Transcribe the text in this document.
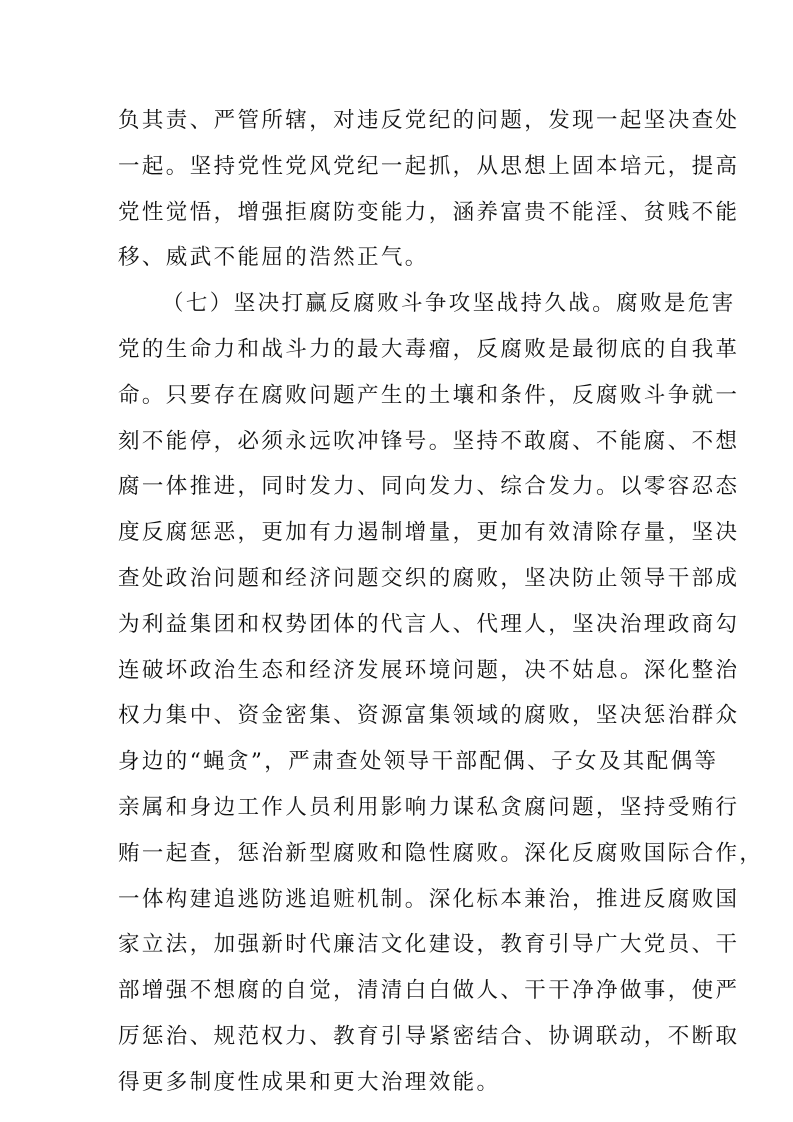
负其责、严管所辖，对违反党纪的问题，发现一起坚决查处
一起。坚持党性党风党纪一起抓，从思想上固本培元，提高
党性觉悟，增强拒腐防变能力，涵养富贵不能淫、贫贱不能
移、威武不能屈的浩然正气。
（七）坚决打赢反腐败斗争攻坚战持久战。腐败是危害
党的生命力和战斗力的最大毒瘤，反腐败是最彻底的自我革
命。只要存在腐败问题产生的土壤和条件，反腐败斗争就一
刻不能停，必须永远吹冲锋号。坚持不敢腐、不能腐、不想
腐一体推进，同时发力、同向发力、综合发力。以零容忍态
度反腐惩恶，更加有力遏制增量，更加有效清除存量，坚决
查处政治问题和经济问题交织的腐败，坚决防止领导干部成
为利益集团和权势团体的代言人、代理人，坚决治理政商勾
连破坏政治生态和经济发展环境问题，决不姑息。深化整治
权力集中、资金密集、资源富集领域的腐败，坚决惩治群众
身边的“蝇贪”，严肃查处领导干部配偶、子女及其配偶等
亲属和身边工作人员利用影响力谋私贪腐问题，坚持受贿行
贿一起查，惩治新型腐败和隐性腐败。深化反腐败国际合作，
一体构建追逃防逃追赃机制。深化标本兼治，推进反腐败国
家立法，加强新时代廉洁文化建设，教育引导广大党员、干
部增强不想腐的自觉，清清白白做人、干干净净做事，使严
厉惩治、规范权力、教育引导紧密结合、协调联动，不断取
得更多制度性成果和更大治理效能。
